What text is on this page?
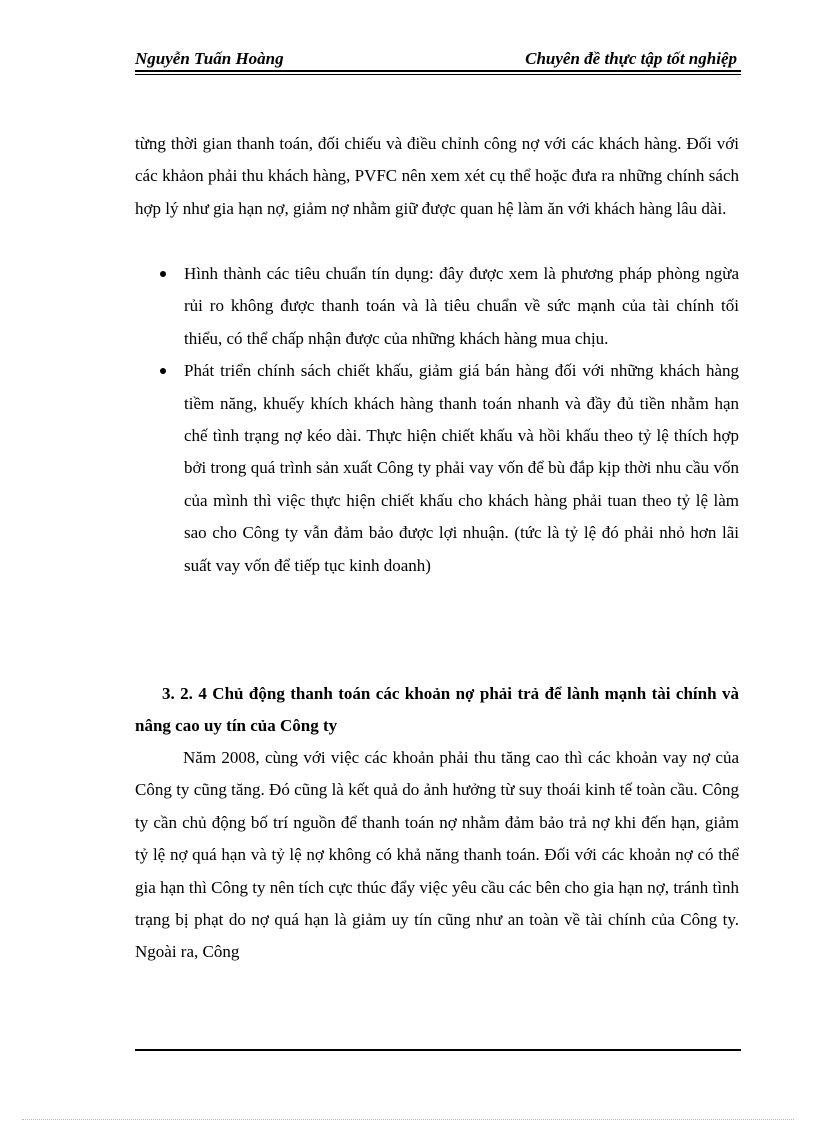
Nguyễn Tuấn Hoàng	Chuyên đề thực tập tốt nghiệp

từng thời gian thanh toán, đối chiếu và điều chỉnh công nợ với các khách hàng. Đối với các khảon phải thu khách hàng, PVFC nên xem xét cụ thể hoặc đưa ra những chính sách hợp lý như gia hạn nợ, giảm nợ nhằm giữ được quan hệ làm ăn với khách hàng lâu dài.

Hình thành các tiêu chuẩn tín dụng: đây được xem là phương pháp phòng ngừa rủi ro không được thanh toán và là tiêu chuẩn về sức mạnh của tài chính tối thiểu, có thể chấp nhận được của những khách hàng mua chịu.
Phát triển chính sách chiết khấu, giảm giá bán hàng đối với những khách hàng tiềm năng, khuếy khích khách hàng thanh toán nhanh và đầy đủ tiền nhằm hạn chế tình trạng nợ kéo dài. Thực hiện chiết khấu và hồi khấu theo tỷ lệ thích hợp bởi trong quá trình sản xuất Công ty phải vay vốn để bù đắp kịp thời nhu cầu vốn của mình thì việc thực hiện chiết khấu cho khách hàng phải tuan theo tỷ lệ làm sao cho Công ty vẫn đảm bảo được lợi nhuận. (tức là tỷ lệ đó phải nhỏ hơn lãi suất vay vốn để tiếp tục kinh doanh)

3. 2. 4 Chủ động thanh toán các khoản nợ phải trả để lành mạnh tài chính và nâng cao uy tín của Công ty

Năm 2008, cùng với việc các khoản phải thu tăng cao thì các khoản vay nợ của Công ty cũng tăng. Đó cũng là kết quả do ảnh hưởng từ suy thoái kinh tế toàn cầu. Công ty cần chủ động bố trí nguồn để thanh toán nợ nhằm đảm bảo trả nợ khi đến hạn, giảm tỷ lệ nợ quá hạn và tỷ lệ nợ không có khả năng thanh toán. Đối với các khoản nợ có thể gia hạn thì Công ty nên tích cực thúc đẩy việc yêu cầu các bên cho gia hạn nợ, tránh tình trạng bị phạt do nợ quá hạn là giảm uy tín cũng như an toàn về tài chính của Công ty. Ngoài ra, Công
